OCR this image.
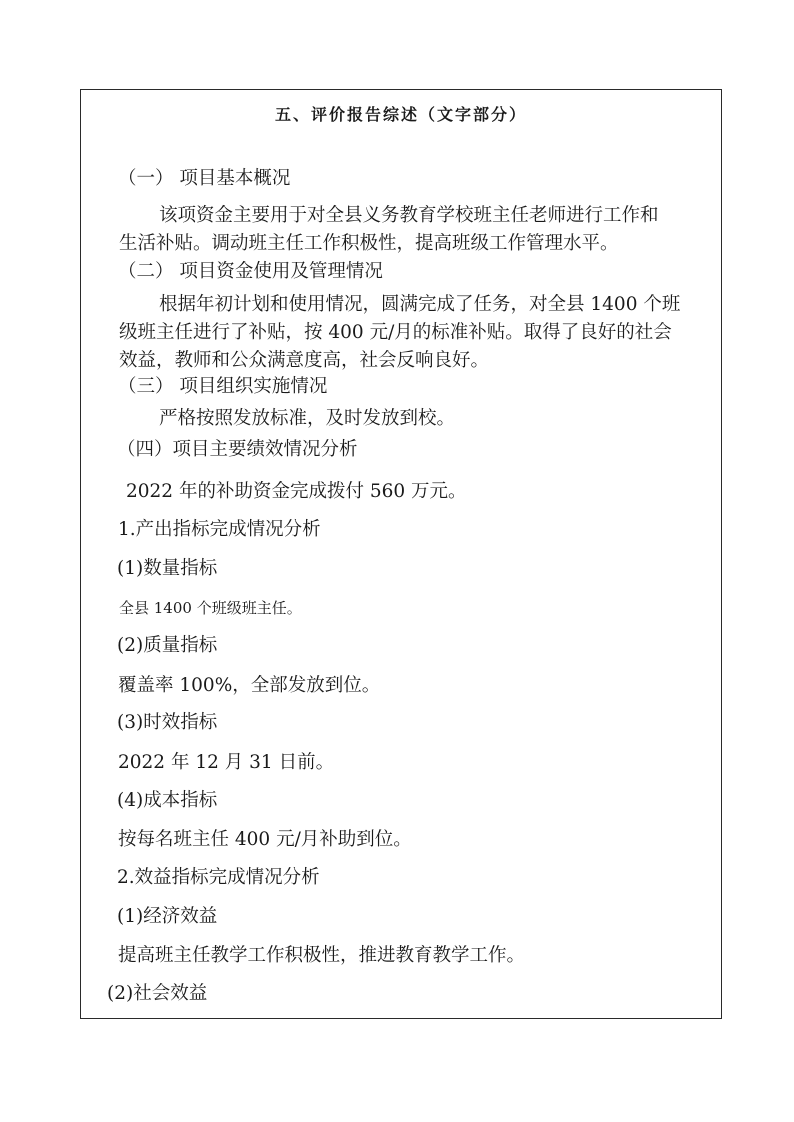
五、评价报告综述（文字部分）
（一） 项目基本概况
该项资金主要用于对全县义务教育学校班主任老师进行工作和
生活补贴。调动班主任工作积极性，提高班级工作管理水平。
（二） 项目资金使用及管理情况
根据年初计划和使用情况，圆满完成了任务，对全县 1400 个班
级班主任进行了补贴，按 400 元/月的标准补贴。取得了良好的社会
效益，教师和公众满意度高，社会反响良好。
（三） 项目组织实施情况
严格按照发放标准，及时发放到校。
（四）项目主要绩效情况分析
2022 年的补助资金完成拨付 560 万元。
1.产出指标完成情况分析
(1)数量指标
全县 1400 个班级班主任。
(2)质量指标
覆盖率 100%，全部发放到位。
(3)时效指标
2022 年 12 月 31 日前。
(4)成本指标
按每名班主任 400 元/月补助到位。
2.效益指标完成情况分析
(1)经济效益
提高班主任教学工作积极性，推进教育教学工作。
(2)社会效益
